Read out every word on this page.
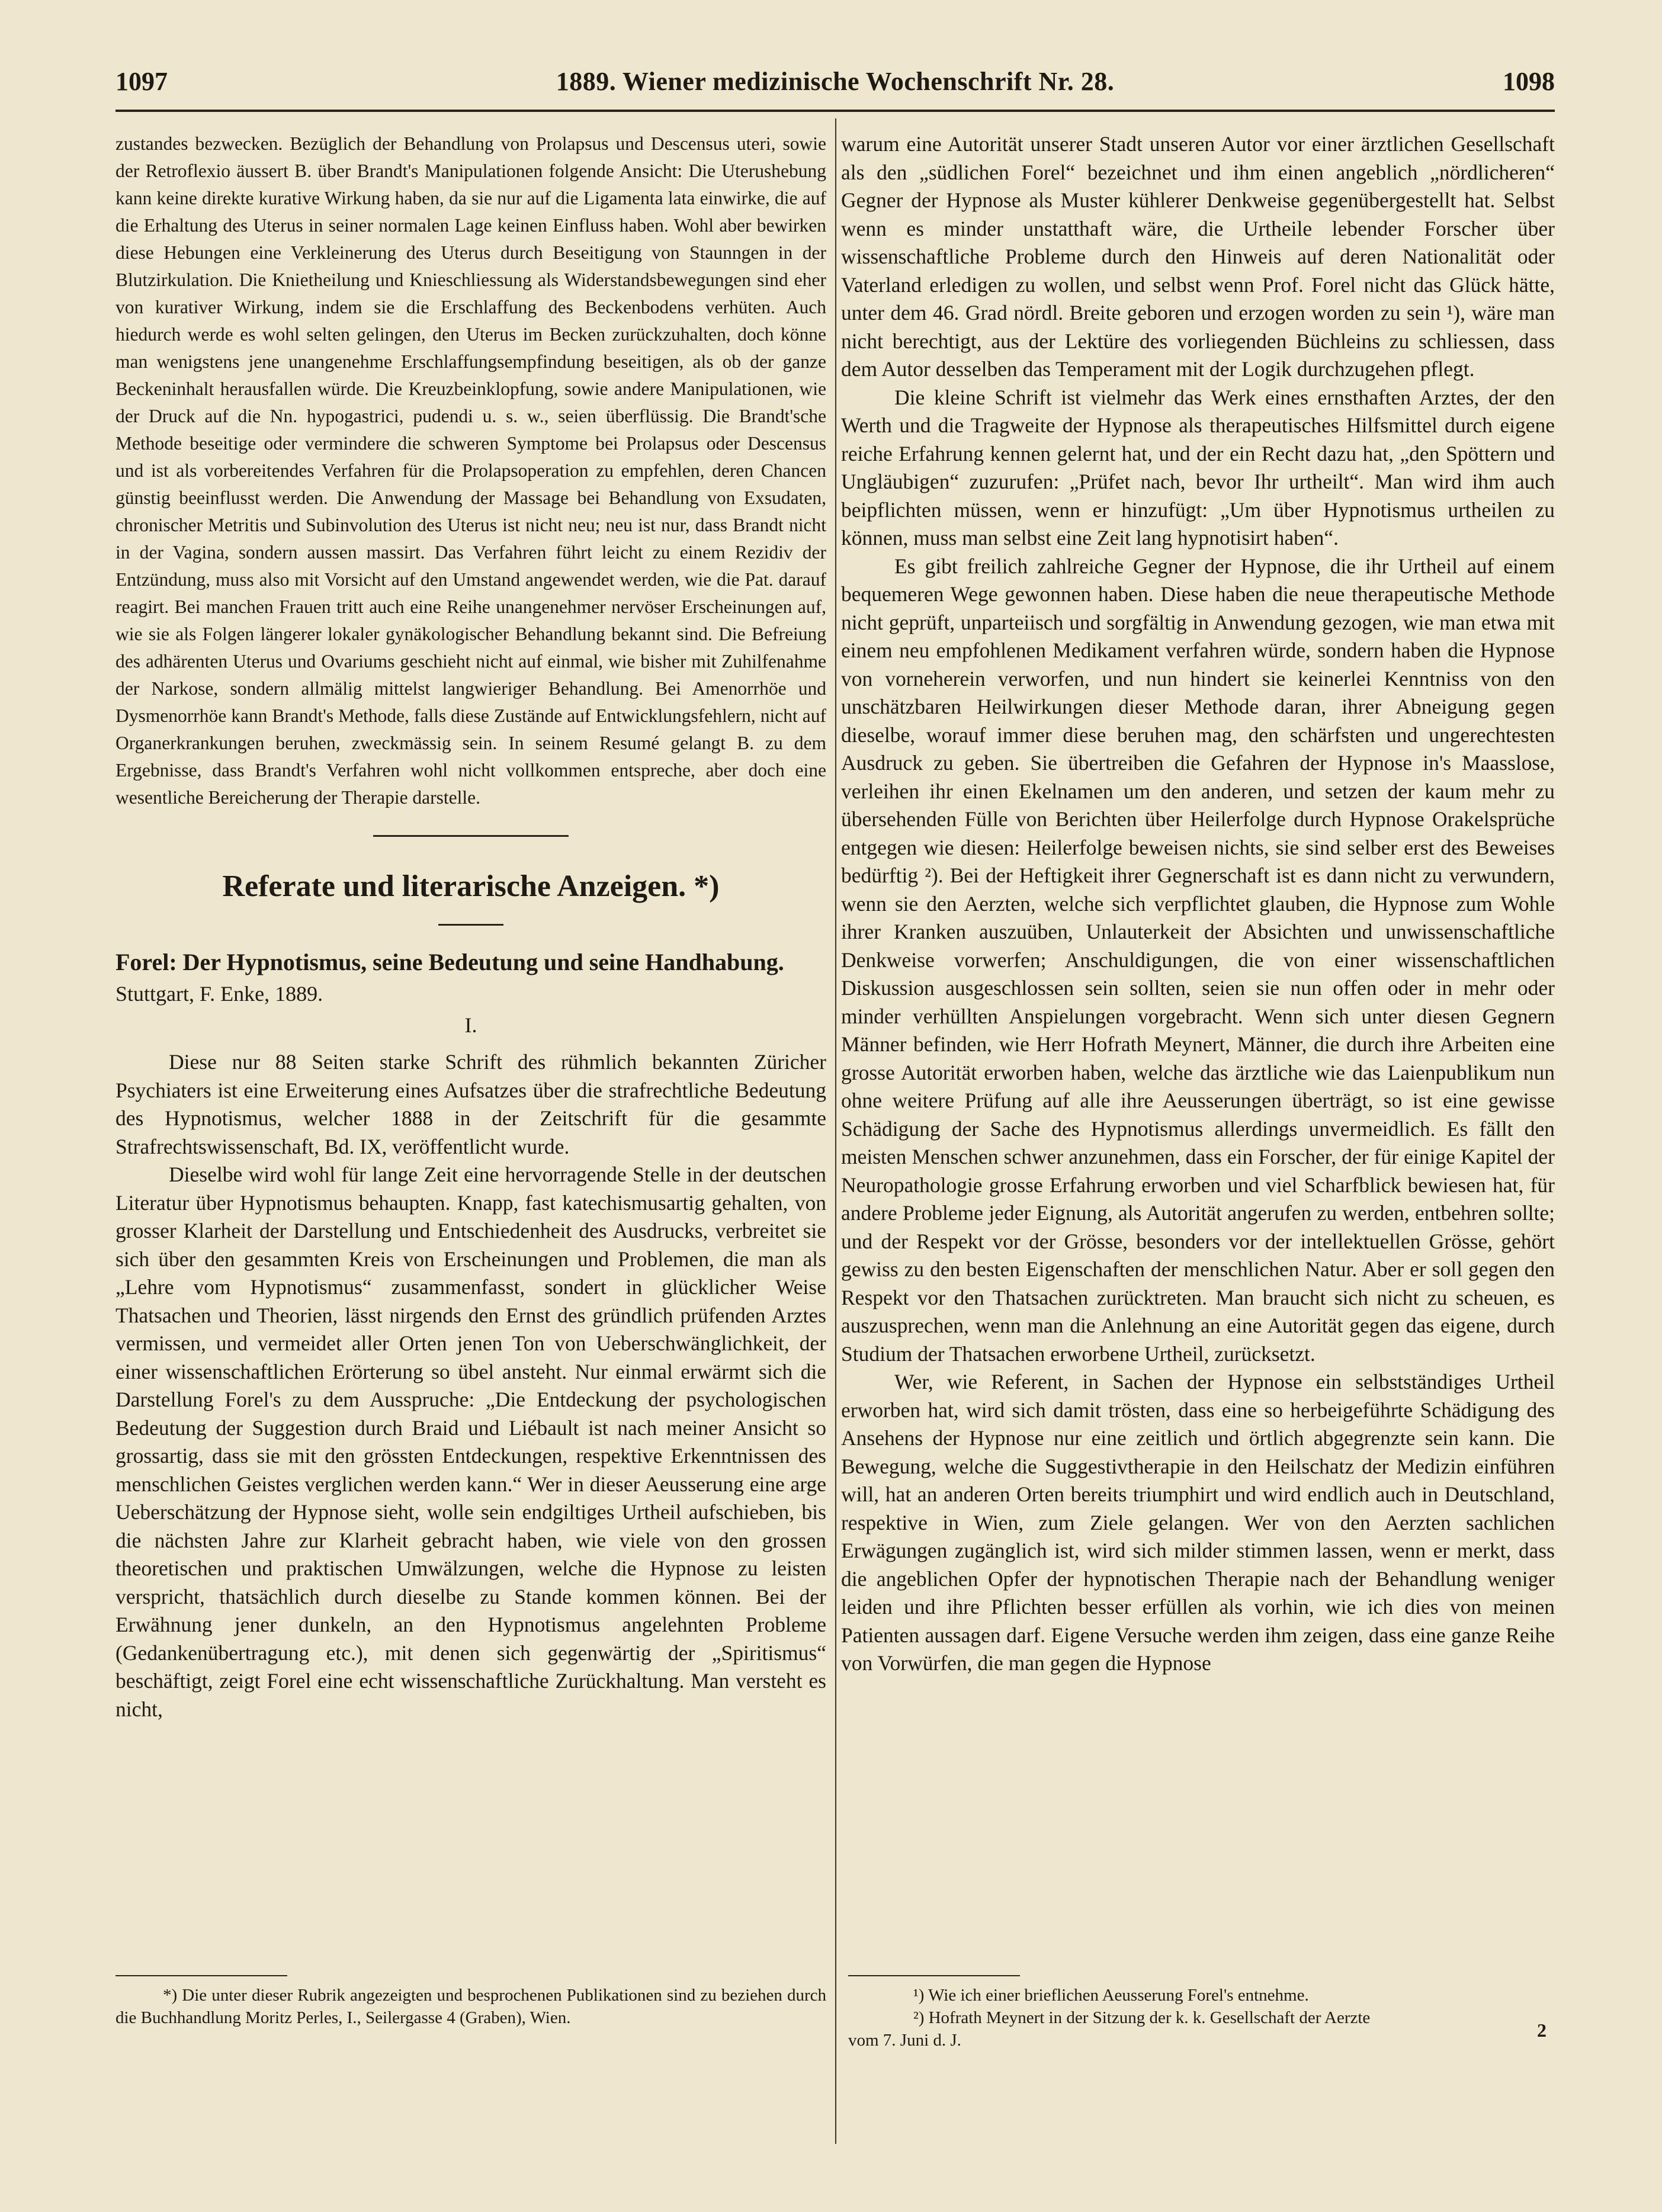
1097	1889. Wiener medizinische Wochenschrift Nr. 28.	1098

zustandes bezwecken. Bezüglich der Behandlung von Prolapsus und Descensus uteri, sowie der Retroflexio äussert B. über Brandt's Manipulationen folgende Ansicht: Die Uterushebung kann keine direkte kurative Wirkung haben, da sie nur auf die Ligamenta lata einwirke, die auf die Erhaltung des Uterus in seiner normalen Lage keinen Einfluss haben. Wohl aber bewirken diese Hebungen eine Verkleinerung des Uterus durch Beseitigung von Staunngen in der Blutzirkulation. Die Knietheilung und Knieschliessung als Widerstandsbewegungen sind eher von kurativer Wirkung, indem sie die Erschlaffung des Beckenbodens verhüten. Auch hiedurch werde es wohl selten gelingen, den Uterus im Becken zurückzuhalten, doch könne man wenigstens jene unangenehme Erschlaffungsempfindung beseitigen, als ob der ganze Beckeninhalt herausfallen würde. Die Kreuzbeinklopfung, sowie andere Manipulationen, wie der Druck auf die Nn. hypogastrici, pudendi u. s. w., seien überflüssig. Die Brandt'sche Methode beseitige oder vermindere die schweren Symptome bei Prolapsus oder Descensus und ist als vorbereitendes Verfahren für die Prolapsoperation zu empfehlen, deren Chancen günstig beeinflusst werden. Die Anwendung der Massage bei Behandlung von Exsudaten, chronischer Metritis und Subinvolution des Uterus ist nicht neu; neu ist nur, dass Brandt nicht in der Vagina, sondern aussen massirt. Das Verfahren führt leicht zu einem Rezidiv der Entzündung, muss also mit Vorsicht auf den Umstand angewendet werden, wie die Pat. darauf reagirt. Bei manchen Frauen tritt auch eine Reihe unangenehmer nervöser Erscheinungen auf, wie sie als Folgen längerer lokaler gynäkologischer Behandlung bekannt sind. Die Befreiung des adhärenten Uterus und Ovariums geschieht nicht auf einmal, wie bisher mit Zuhilfenahme der Narkose, sondern allmälig mittelst langwieriger Behandlung. Bei Amenorrhöe und Dysmenorrhöe kann Brandt's Methode, falls diese Zustände auf Entwicklungsfehlern, nicht auf Organerkrankungen beruhen, zweckmässig sein. In seinem Resumé gelangt B. zu dem Ergebnisse, dass Brandt's Verfahren wohl nicht vollkommen entspreche, aber doch eine wesentliche Bereicherung der Therapie darstelle.

Referate und literarische Anzeigen. *)
Forel: Der Hypnotismus, seine Bedeutung und seine Handhabung. Stuttgart, F. Enke, 1889.
I.

Diese nur 88 Seiten starke Schrift des rühmlich bekannten Züricher Psychiaters ist eine Erweiterung eines Aufsatzes über die strafrechtliche Bedeutung des Hypnotismus, welcher 1888 in der Zeitschrift für die gesammte Strafrechtswissenschaft, Bd. IX, veröffentlicht wurde.

Dieselbe wird wohl für lange Zeit eine hervorragende Stelle in der deutschen Literatur über Hypnotismus behaupten. Knapp, fast katechismusartig gehalten, von grosser Klarheit der Darstellung und Entschiedenheit des Ausdrucks, verbreitet sie sich über den gesammten Kreis von Erscheinungen und Problemen, die man als „Lehre vom Hypnotismus“ zusammenfasst, sondert in glücklicher Weise Thatsachen und Theorien, lässt nirgends den Ernst des gründlich prüfenden Arztes vermissen, und vermeidet aller Orten jenen Ton von Ueberschwänglichkeit, der einer wissenschaftlichen Erörterung so übel ansteht. Nur einmal erwärmt sich die Darstellung Forel's zu dem Ausspruche: „Die Entdeckung der psychologischen Bedeutung der Suggestion durch Braid und Liébault ist nach meiner Ansicht so grossartig, dass sie mit den grössten Entdeckungen, respektive Erkenntnissen des menschlichen Geistes verglichen werden kann.“ Wer in dieser Aeusserung eine arge Ueberschätzung der Hypnose sieht, wolle sein endgiltiges Urtheil aufschieben, bis die nächsten Jahre zur Klarheit gebracht haben, wie viele von den grossen theoretischen und praktischen Umwälzungen, welche die Hypnose zu leisten verspricht, thatsächlich durch dieselbe zu Stande kommen können. Bei der Erwähnung jener dunkeln, an den Hypnotismus angelehnten Probleme (Gedankenübertragung etc.), mit denen sich gegenwärtig der „Spiritismus“ beschäftigt, zeigt Forel eine echt wissenschaftliche Zurückhaltung. Man versteht es nicht,

warum eine Autorität unserer Stadt unseren Autor vor einer ärztlichen Gesellschaft als den „südlichen Forel“ bezeichnet und ihm einen angeblich „nördlicheren“ Gegner der Hypnose als Muster kühlerer Denkweise gegenübergestellt hat. Selbst wenn es minder unstatthaft wäre, die Urtheile lebender Forscher über wissenschaftliche Probleme durch den Hinweis auf deren Nationalität oder Vaterland erledigen zu wollen, und selbst wenn Prof. Forel nicht das Glück hätte, unter dem 46. Grad nördl. Breite geboren und erzogen worden zu sein ¹), wäre man nicht berechtigt, aus der Lektüre des vorliegenden Büchleins zu schliessen, dass dem Autor desselben das Temperament mit der Logik durchzugehen pflegt.

Die kleine Schrift ist vielmehr das Werk eines ernsthaften Arztes, der den Werth und die Tragweite der Hypnose als therapeutisches Hilfsmittel durch eigene reiche Erfahrung kennen gelernt hat, und der ein Recht dazu hat, „den Spöttern und Ungläubigen“ zuzurufen: „Prüfet nach, bevor Ihr urtheilt“. Man wird ihm auch beipflichten müssen, wenn er hinzufügt: „Um über Hypnotismus urtheilen zu können, muss man selbst eine Zeit lang hypnotisirt haben“.

Es gibt freilich zahlreiche Gegner der Hypnose, die ihr Urtheil auf einem bequemeren Wege gewonnen haben. Diese haben die neue therapeutische Methode nicht geprüft, unparteiisch und sorgfältig in Anwendung gezogen, wie man etwa mit einem neu empfohlenen Medikament verfahren würde, sondern haben die Hypnose von vorneherein verworfen, und nun hindert sie keinerlei Kenntniss von den unschätzbaren Heilwirkungen dieser Methode daran, ihrer Abneigung gegen dieselbe, worauf immer diese beruhen mag, den schärfsten und ungerechtesten Ausdruck zu geben. Sie übertreiben die Gefahren der Hypnose in's Maasslose, verleihen ihr einen Ekelnamen um den anderen, und setzen der kaum mehr zu übersehenden Fülle von Berichten über Heilerfolge durch Hypnose Orakelsprüche entgegen wie diesen: Heilerfolge beweisen nichts, sie sind selber erst des Beweises bedürftig ²). Bei der Heftigkeit ihrer Gegnerschaft ist es dann nicht zu verwundern, wenn sie den Aerzten, welche sich verpflichtet glauben, die Hypnose zum Wohle ihrer Kranken auszuüben, Unlauterkeit der Absichten und unwissenschaftliche Denkweise vorwerfen; Anschuldigungen, die von einer wissenschaftlichen Diskussion ausgeschlossen sein sollten, seien sie nun offen oder in mehr oder minder verhüllten Anspielungen vorgebracht. Wenn sich unter diesen Gegnern Männer befinden, wie Herr Hofrath Meynert, Männer, die durch ihre Arbeiten eine grosse Autorität erworben haben, welche das ärztliche wie das Laienpublikum nun ohne weitere Prüfung auf alle ihre Aeusserungen überträgt, so ist eine gewisse Schädigung der Sache des Hypnotismus allerdings unvermeidlich. Es fällt den meisten Menschen schwer anzunehmen, dass ein Forscher, der für einige Kapitel der Neuropathologie grosse Erfahrung erworben und viel Scharfblick bewiesen hat, für andere Probleme jeder Eignung, als Autorität angerufen zu werden, entbehren sollte; und der Respekt vor der Grösse, besonders vor der intellektuellen Grösse, gehört gewiss zu den besten Eigenschaften der menschlichen Natur. Aber er soll gegen den Respekt vor den Thatsachen zurücktreten. Man braucht sich nicht zu scheuen, es auszusprechen, wenn man die Anlehnung an eine Autorität gegen das eigene, durch Studium der Thatsachen erworbene Urtheil, zurücksetzt.

Wer, wie Referent, in Sachen der Hypnose ein selbstständiges Urtheil erworben hat, wird sich damit trösten, dass eine so herbeigeführte Schädigung des Ansehens der Hypnose nur eine zeitlich und örtlich abgegrenzte sein kann. Die Bewegung, welche die Suggestivtherapie in den Heilschatz der Medizin einführen will, hat an anderen Orten bereits triumphirt und wird endlich auch in Deutschland, respektive in Wien, zum Ziele gelangen. Wer von den Aerzten sachlichen Erwägungen zugänglich ist, wird sich milder stimmen lassen, wenn er merkt, dass die angeblichen Opfer der hypnotischen Therapie nach der Behandlung weniger leiden und ihre Pflichten besser erfüllen als vorhin, wie ich dies von meinen Patienten aussagen darf. Eigene Versuche werden ihm zeigen, dass eine ganze Reihe von Vorwürfen, die man gegen die Hypnose

*) Die unter dieser Rubrik angezeigten und besprochenen Publikationen sind zu beziehen durch die Buchhandlung Moritz Perles, I., Seilergasse 4 (Graben), Wien.
¹) Wie ich einer brieflichen Aeusserung Forel's entnehme.
²) Hofrath Meynert in der Sitzung der k. k. Gesellschaft der Aerzte
vom 7. Juni d. J.	2
